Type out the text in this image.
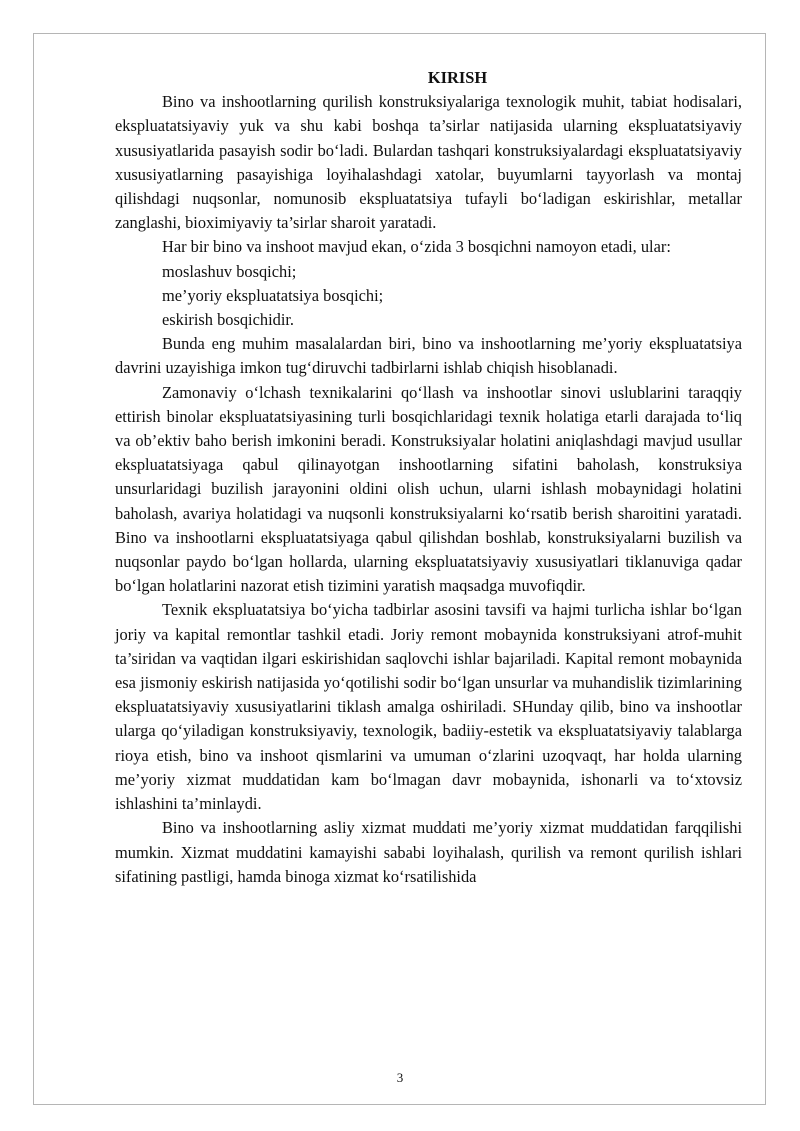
KIRISH

Bino va inshootlarning qurilish konstruksiyalariga texnologik muhit, tabiat hodisalari, ekspluatatsiyaviy yuk va shu kabi boshqa ta’sirlar natijasida ularning ekspluatatsiyaviy xususiyatlarida pasayish sodir bo‘ladi. Bulardan tashqari konstruksiyalardagi ekspluatatsiyaviy xususiyatlarning pasayishiga loyihalashdagi xatolar, buyumlarni tayyorlash va montaj qilishdagi nuqsonlar, nomunosib ekspluatatsiya tufayli bo‘ladigan eskirishlar, metallar zanglashi, bioximiyaviy ta’sirlar sharoit yaratadi.

Har bir bino va inshoot mavjud ekan, o‘zida 3 bosqichni namoyon etadi, ular:

moslashuv bosqichi;
me’yoriy ekspluatatsiya bosqichi;
eskirish bosqichidir.

Bunda eng muhim masalalardan biri, bino va inshootlarning me’yoriy ekspluatatsiya davrini uzayishiga imkon tug‘diruvchi tadbirlarni ishlab chiqish hisoblanadi.

Zamonaviy o‘lchash texnikalarini qo‘llash va inshootlar sinovi uslublarini taraqqiy ettirish binolar ekspluatatsiyasining turli bosqichlaridagi texnik holatiga etarli darajada to‘liq va ob’ektiv baho berish imkonini beradi. Konstruksiyalar holatini aniqlashdagi mavjud usullar ekspluatatsiyaga qabul qilinayotgan inshootlarning sifatini baholash, konstruksiya unsurlaridagi buzilish jarayonini oldini olish uchun, ularni ishlash mobaynidagi holatini baholash, avariya holatidagi va nuqsonli konstruksiyalarni ko‘rsatib berish sharoitini yaratadi. Bino va inshootlarni ekspluatatsiyaga qabul qilishdan boshlab, konstruksiyalarni buzilish va nuqsonlar paydo bo‘lgan hollarda, ularning ekspluatatsiyaviy xususiyatlari tiklanuviga qadar bo‘lgan holatlarini nazorat etish tizimini yaratish maqsadga muvofiqdir.

Texnik ekspluatatsiya bo‘yicha tadbirlar asosini tavsifi va hajmi turlicha ishlar bo‘lgan joriy va kapital remontlar tashkil etadi. Joriy remont mobaynida konstruksiyani atrof-muhit ta’siridan va vaqtidan ilgari eskirishidan saqlovchi ishlar bajariladi. Kapital remont mobaynida esa jismoniy eskirish natijasida yo‘qotilishi sodir bo‘lgan unsurlar va muhandislik tizimlarining ekspluatatsiyaviy xususiyatlarini tiklash amalga oshiriladi. SHunday qilib, bino va inshootlar ularga qo‘yiladigan konstruksiyaviy, texnologik, badiiy-estetik va ekspluatatsiyaviy talablarga rioya etish, bino va inshoot qismlarini va umuman o‘zlarini uzoqvaqt, har holda ularning me’yoriy xizmat muddatidan kam bo‘lmagan davr mobaynida, ishonarli va to‘xtovsiz ishlashini ta’minlaydi.

Bino va inshootlarning asliy xizmat muddati me’yoriy xizmat muddatidan farqqilishi mumkin. Xizmat muddatini kamayishi sababi loyihalash, qurilish va remont qurilish ishlari sifatining pastligi, hamda binoga xizmat ko‘rsatilishida

3
